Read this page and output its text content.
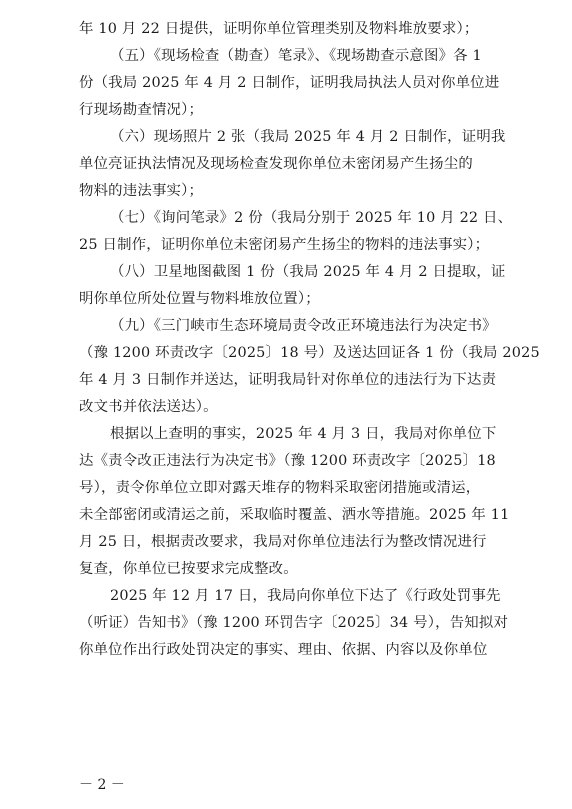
年 10 月 22 日提供，证明你单位管理类别及物料堆放要求）；
（五）《现场检查（勘查）笔录》、《现场勘查示意图》各 1
份（我局 2025 年 4 月 2 日制作，证明我局执法人员对你单位进
行现场勘查情况）；
（六）现场照片 2 张（我局 2025 年 4 月 2 日制作，证明我
单位亮证执法情况及现场检查发现你单位未密闭易产生扬尘的
物料的违法事实）；
（七）《询问笔录》2 份（我局分别于 2025 年 10 月 22 日、
25 日制作，证明你单位未密闭易产生扬尘的物料的违法事实）；
（八）卫星地图截图 1 份（我局 2025 年 4 月 2 日提取，证
明你单位所处位置与物料堆放位置）；
（九）《三门峡市生态环境局责令改正环境违法行为决定书》
（豫 1200 环责改字〔2025〕18 号）及送达回证各 1 份（我局 2025
年 4 月 3 日制作并送达，证明我局针对你单位的违法行为下达责
改文书并依法送达）。
根据以上查明的事实，2025 年 4 月 3 日，我局对你单位下
达《责令改正违法行为决定书》（豫 1200 环责改字〔2025〕18
号），责令你单位立即对露天堆存的物料采取密闭措施或清运，
未全部密闭或清运之前，采取临时覆盖、洒水等措施。2025 年 11
月 25 日，根据责改要求，我局对你单位违法行为整改情况进行
复查，你单位已按要求完成整改。
2025 年 12 月 17 日，我局向你单位下达了《行政处罚事先
（听证）告知书》（豫 1200 环罚告字〔2025〕34 号），告知拟对
你单位作出行政处罚决定的事实、理由、依据、内容以及你单位
－ 2 －
